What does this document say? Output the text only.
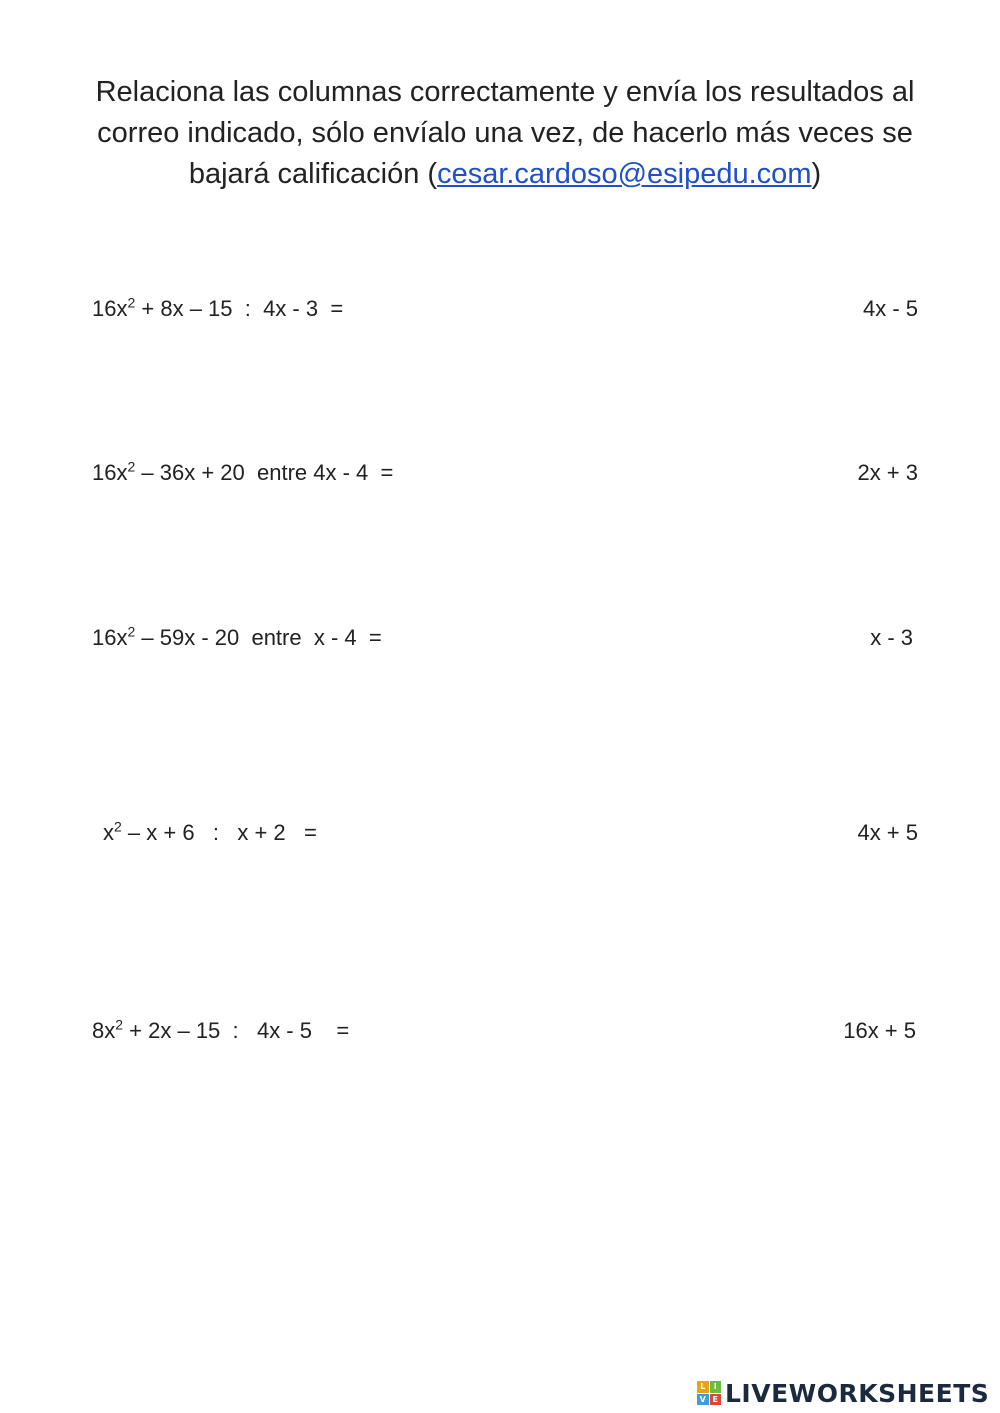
Relaciona las columnas correctamente y envía los resultados al correo indicado, sólo envíalo una vez, de hacerlo más veces se bajará calificación (cesar.cardoso@esipedu.com)
$16x^2 + 8x - 15$  :  4x - 3  =	4x - 5
$16x^2 - 36x + 20$  entre 4x - 4  =	2x + 3
$16x^2 - 59x - 20$  entre  x - 4  =	x - 3
$x^2 - x + 6$   :   x + 2   =	4x + 5
$8x^2 + 2x - 15$  :   4x - 5    =	16x + 5
L	I
V E LIVEWORKSHEETS
